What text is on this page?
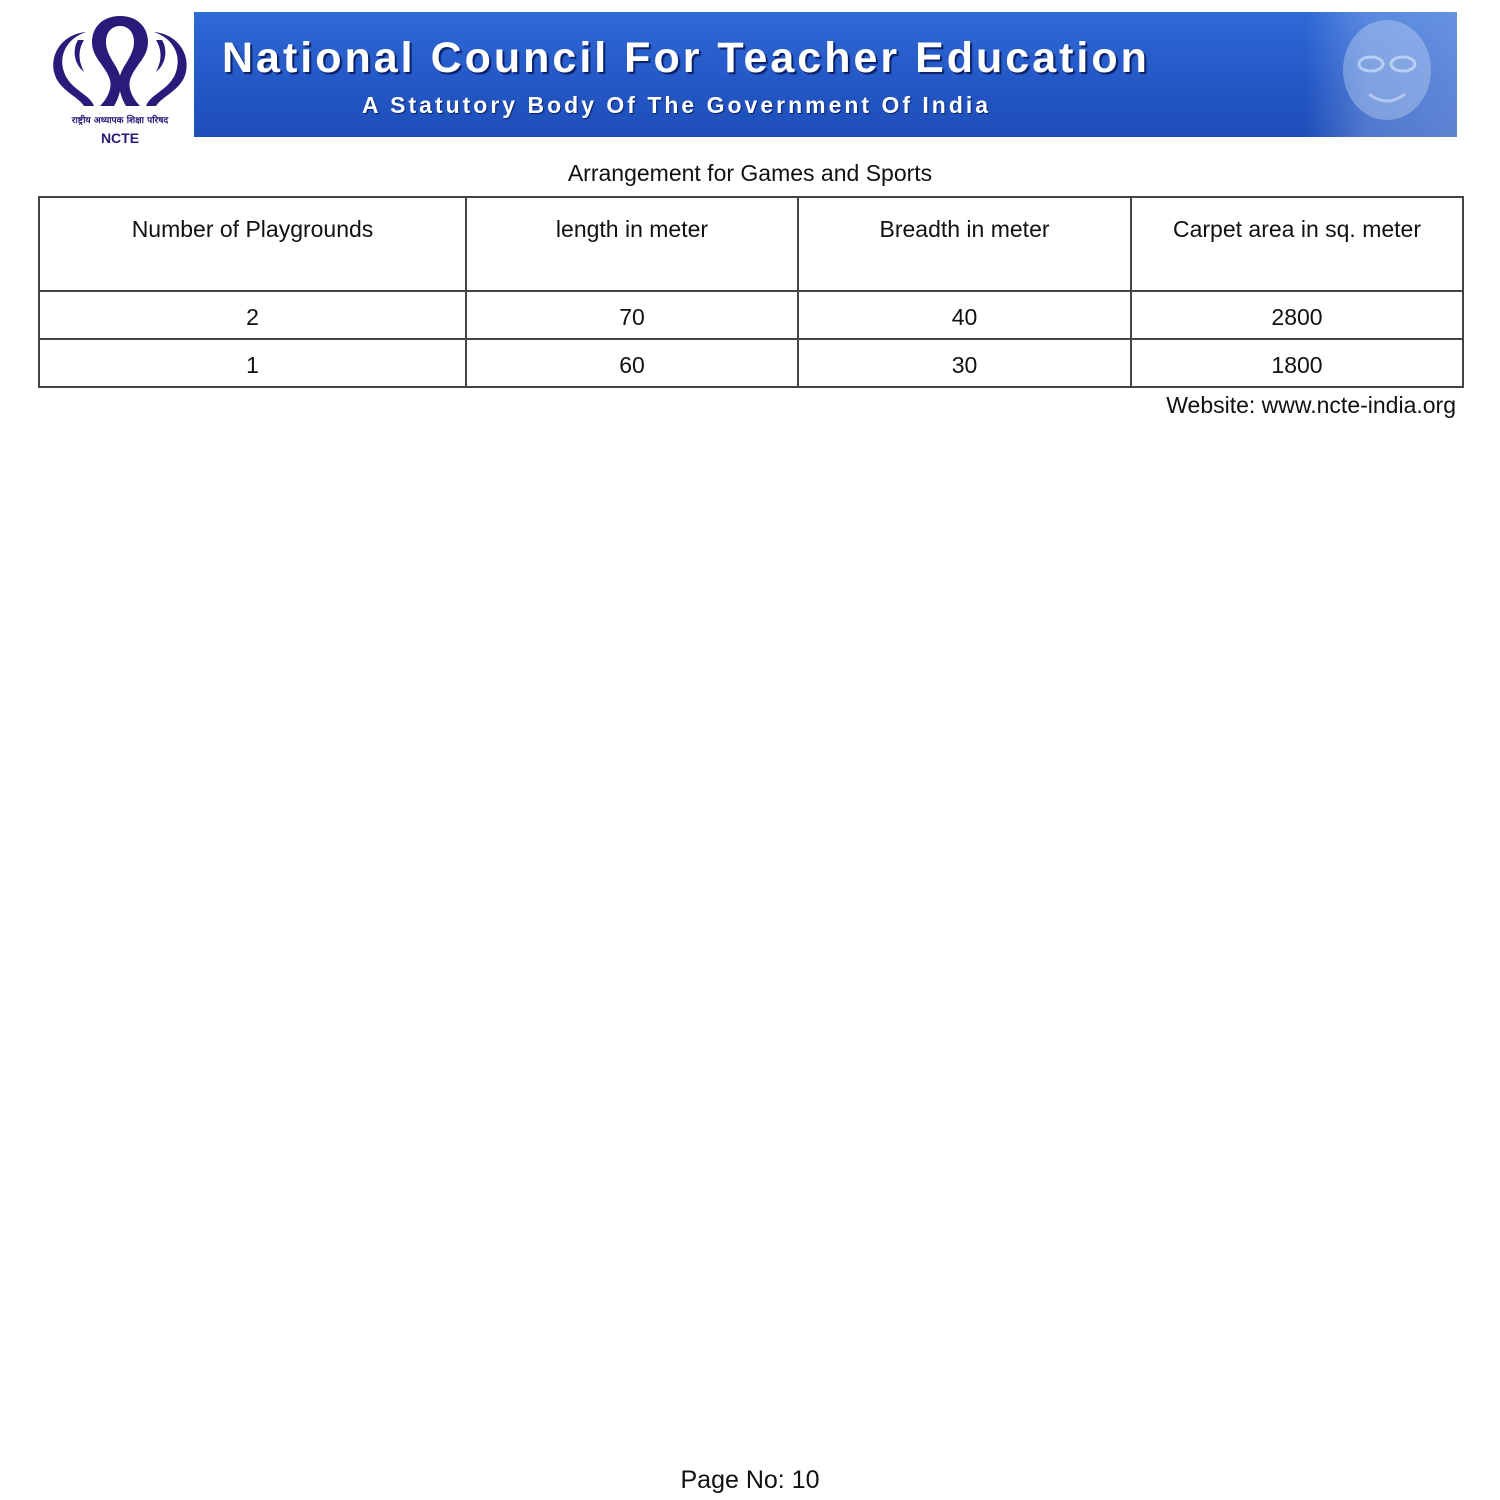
राष्ट्रीय अध्यापक शिक्षा परिषद
NCTE
National Council For Teacher Education
A Statutory Body Of The Government Of India
Arrangement for Games and Sports
Number of Playgrounds	length in meter	Breadth in meter	Carpet area in sq. meter
2	70	40	2800
1	60	30	1800
Website: www.ncte-india.org
Page No: 10
